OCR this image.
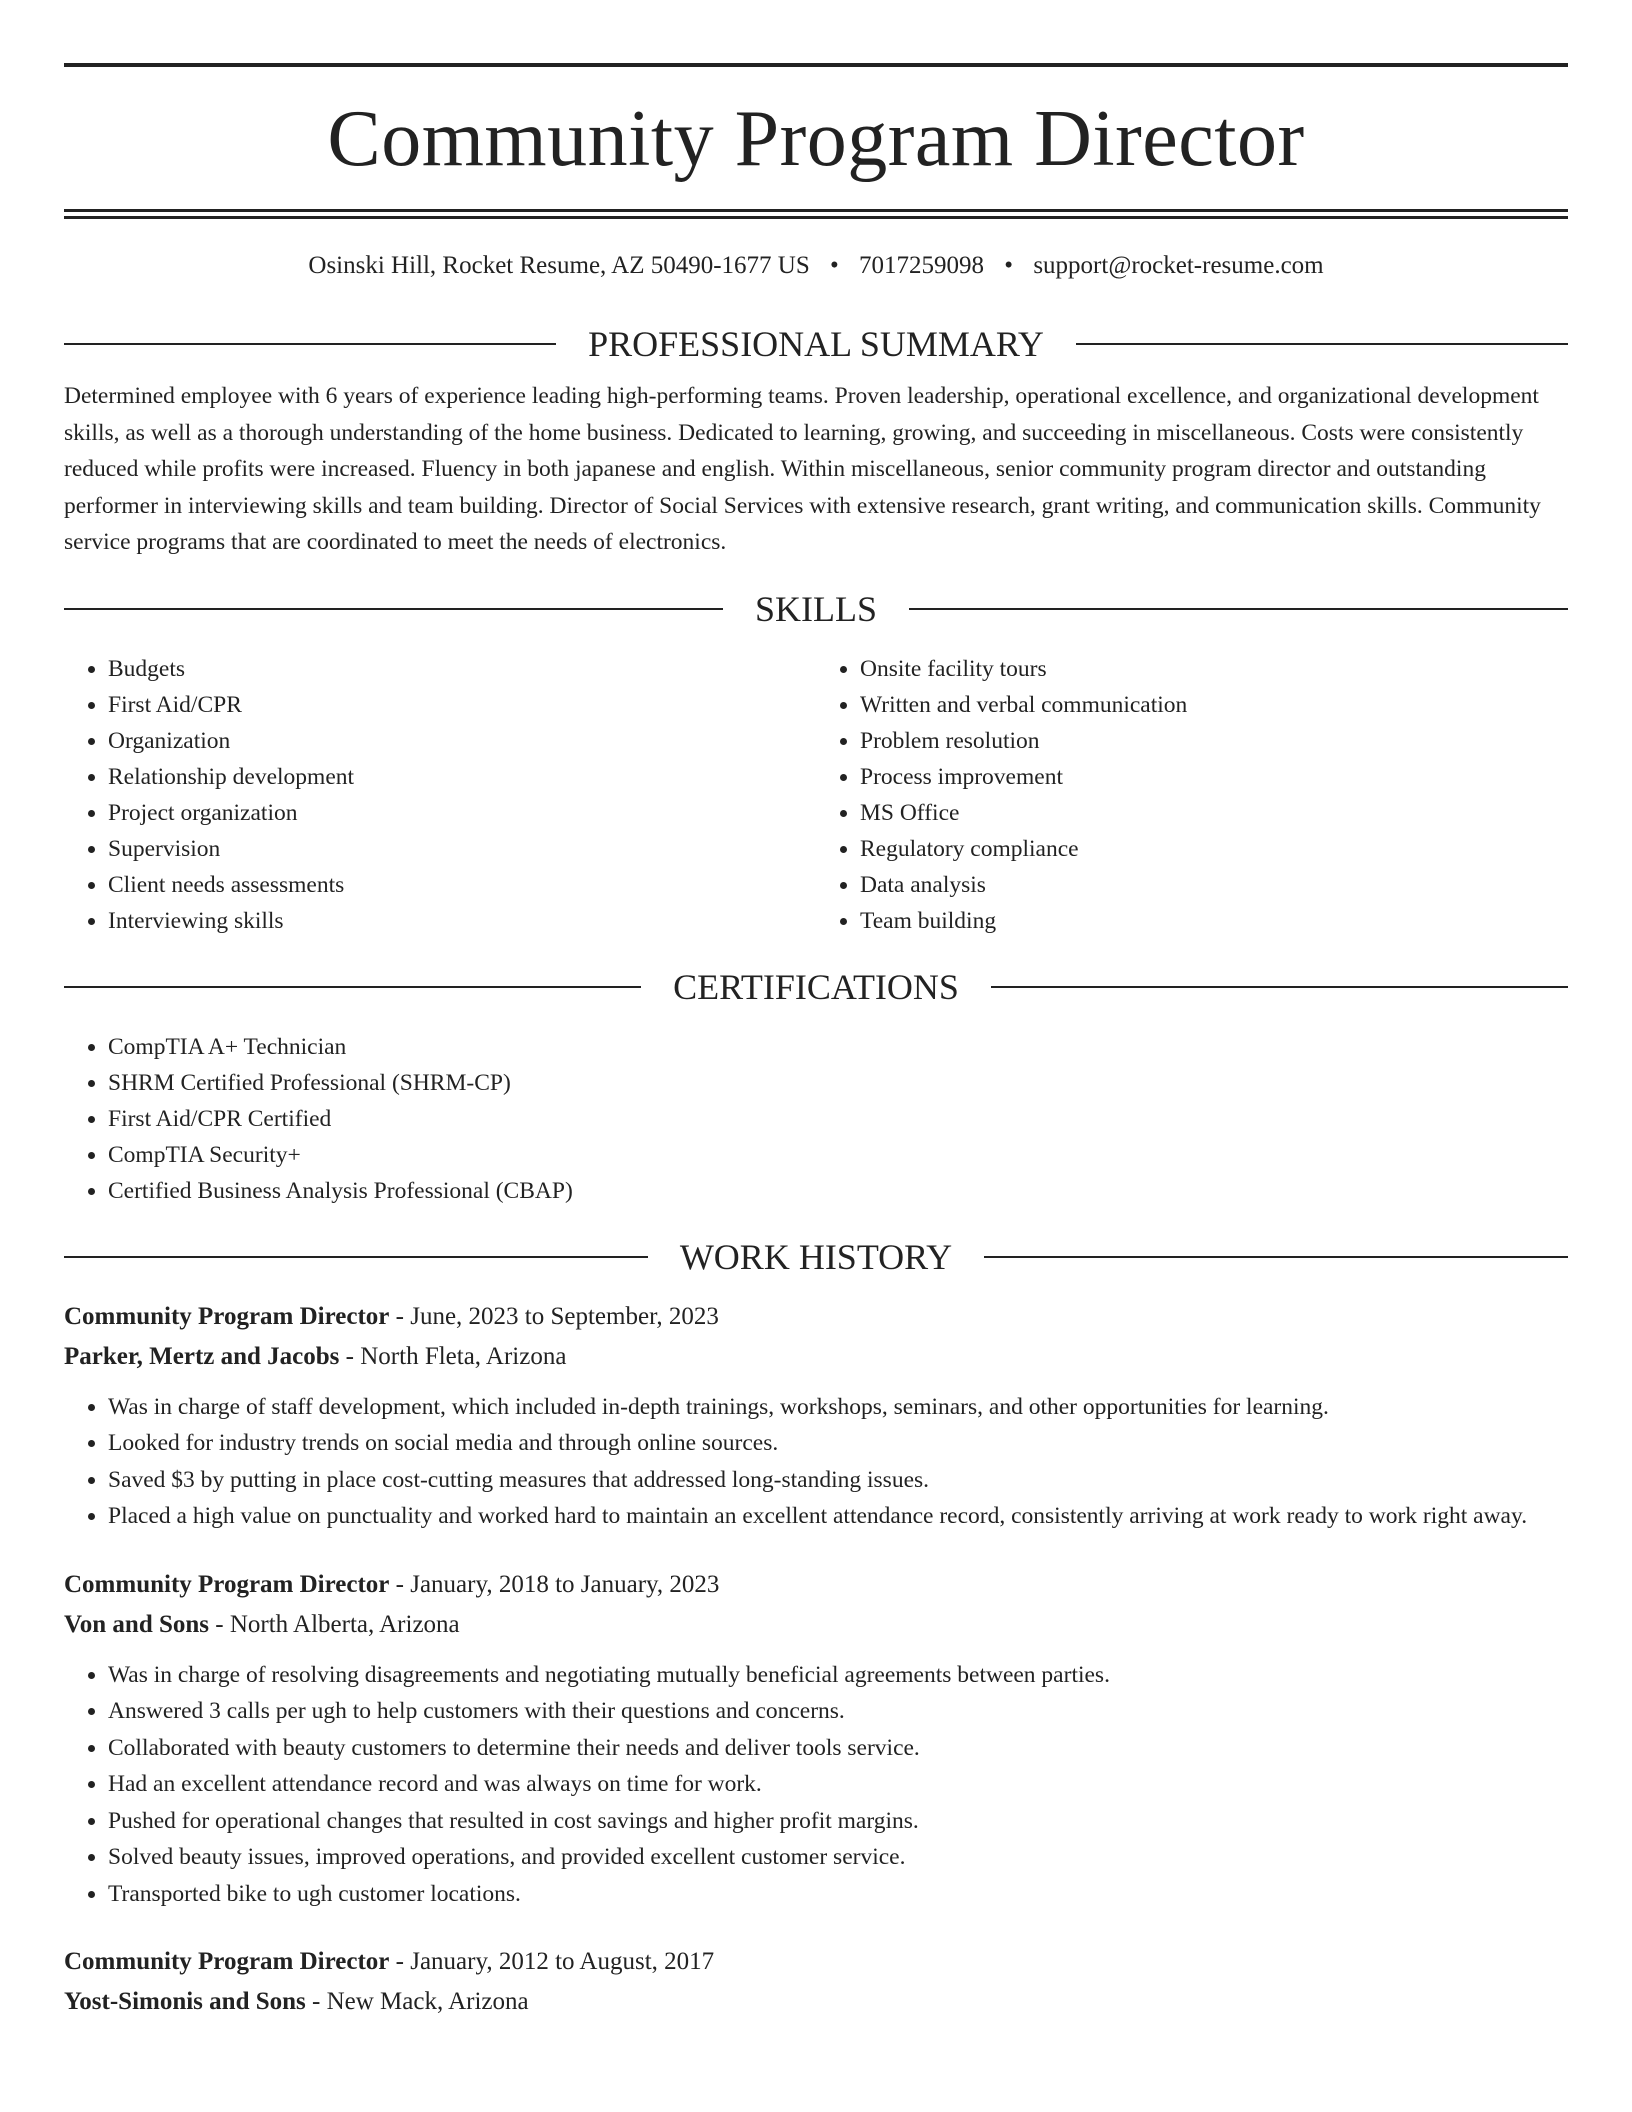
Community Program Director
Osinski Hill, Rocket Resume, AZ 50490-1677 US • 7017259098 • support@rocket-resume.com
PROFESSIONAL SUMMARY

Determined employee with 6 years of experience leading high-performing teams. Proven leadership, operational excellence, and organizational development skills, as well as a thorough understanding of the home business. Dedicated to learning, growing, and succeeding in miscellaneous. Costs were consistently reduced while profits were increased. Fluency in both japanese and english. Within miscellaneous, senior community program director and outstanding performer in interviewing skills and team building. Director of Social Services with extensive research, grant writing, and communication skills. Community service programs that are coordinated to meet the needs of electronics.

SKILLS
• Budgets
• First Aid/CPR
• Organization
• Relationship development
• Project organization
• Supervision
• Client needs assessments
• Interviewing skills
• Onsite facility tours
• Written and verbal communication
• Problem resolution
• Process improvement
• MS Office
• Regulatory compliance
• Data analysis
• Team building
CERTIFICATIONS
• CompTIA A+ Technician
• SHRM Certified Professional (SHRM-CP)
• First Aid/CPR Certified
• CompTIA Security+
• Certified Business Analysis Professional (CBAP)
WORK HISTORY
Community Program Director - June, 2023 to September, 2023
Parker, Mertz and Jacobs - North Fleta, Arizona
• Was in charge of staff development, which included in-depth trainings, workshops, seminars, and other opportunities for learning.
• Looked for industry trends on social media and through online sources.
• Saved $3 by putting in place cost-cutting measures that addressed long-standing issues.
• Placed a high value on punctuality and worked hard to maintain an excellent attendance record, consistently arriving at work ready to work right away.
Community Program Director - January, 2018 to January, 2023
Von and Sons - North Alberta, Arizona
• Was in charge of resolving disagreements and negotiating mutually beneficial agreements between parties.
• Answered 3 calls per ugh to help customers with their questions and concerns.
• Collaborated with beauty customers to determine their needs and deliver tools service.
• Had an excellent attendance record and was always on time for work.
• Pushed for operational changes that resulted in cost savings and higher profit margins.
• Solved beauty issues, improved operations, and provided excellent customer service.
• Transported bike to ugh customer locations.
Community Program Director - January, 2012 to August, 2017
Yost-Simonis and Sons - New Mack, Arizona
